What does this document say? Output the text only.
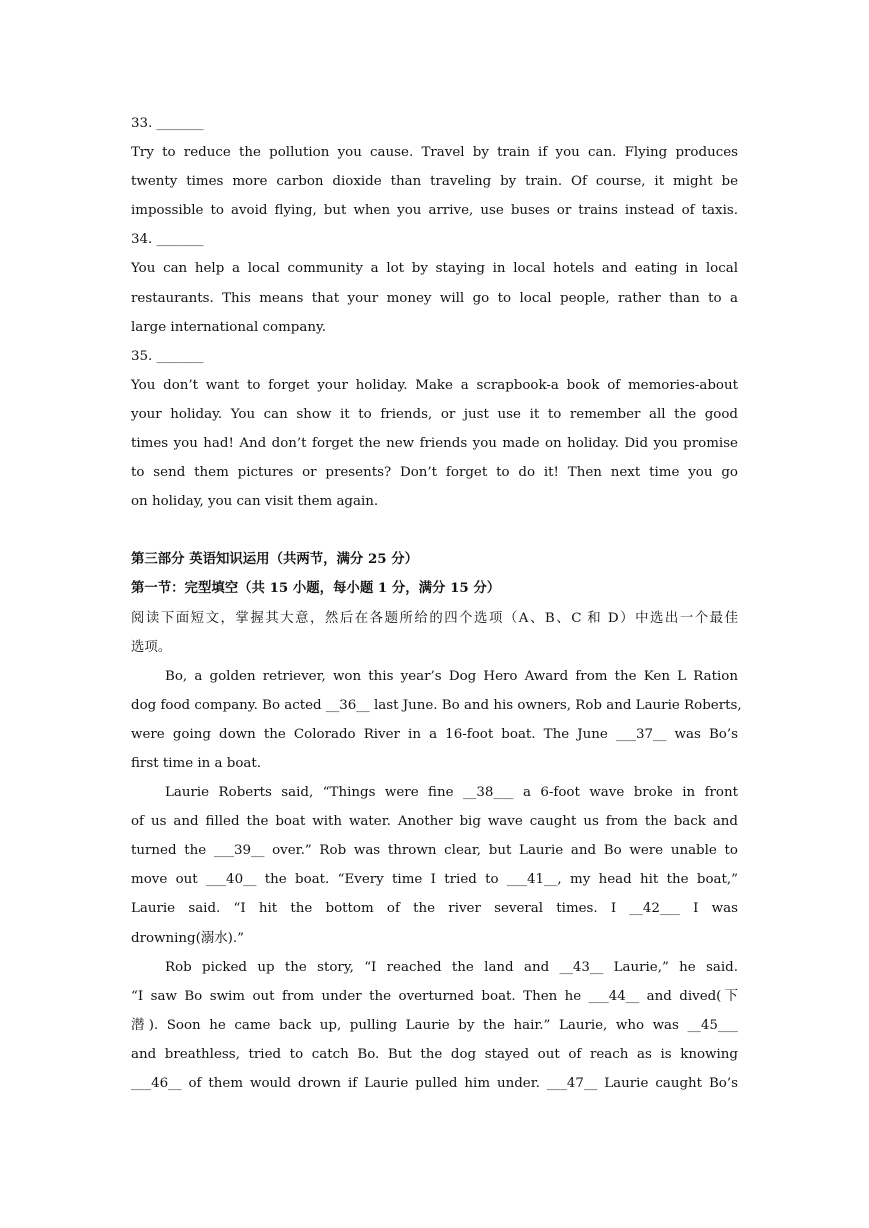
33. _______
Try to reduce the pollution you cause. Travel by train if you can. Flying produces
twenty times more carbon dioxide than traveling by train. Of course, it might be
impossible to avoid flying, but when you arrive, use buses or trains instead of taxis.
34. _______
You can help a local community a lot by staying in local hotels and eating in local
restaurants. This means that your money will go to local people, rather than to a
large international company.
35. _______
You don’t want to forget your holiday. Make a scrapbook-a book of memories-about
your holiday. You can show it to friends, or just use it to remember all the good
times you had! And don’t forget the new friends you made on holiday. Did you promise
to send them pictures or presents? Don’t forget to do it! Then next time you go
on holiday, you can visit them again.
第三部分 英语知识运用（共两节，满分 25 分）
第一节：完型填空（共 15 小题，每小题 1 分，满分 15 分）
阅读下面短文，掌握其大意，然后在各题所给的四个选项（A、B、C 和 D）中选出一个最佳
选项。
Bo, a golden retriever, won this year’s Dog Hero Award from the Ken L Ration
dog food company. Bo acted __36__ last June. Bo and his owners, Rob and Laurie Roberts,
were going down the Colorado River in a 16-foot boat. The June ___37__ was Bo’s
first time in a boat.
Laurie Roberts said, “Things were fine __38___ a 6-foot wave broke in front
of us and filled the boat with water. Another big wave caught us from the back and
turned the ___39__ over.” Rob was thrown clear, but Laurie and Bo were unable to
move out ___40__ the boat. “Every time I tried to ___41__, my head hit the boat,”
Laurie said. “I hit the bottom of the river several times. I __42___ I was
drowning(溺水).”
Rob picked up the story, “I reached the land and __43__ Laurie,” he said.
“I saw Bo swim out from under the overturned boat. Then he ___44__ and dived(下
潜). Soon he came back up, pulling Laurie by the hair.” Laurie, who was __45___
and breathless, tried to catch Bo. But the dog stayed out of reach as is knowing
___46__ of them would drown if Laurie pulled him under. ___47__ Laurie caught Bo’s
